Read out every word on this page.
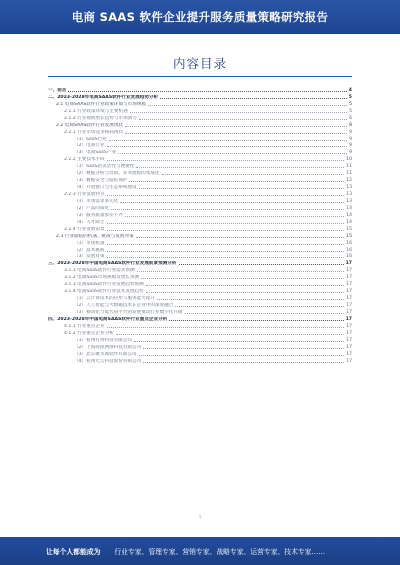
电商 SAAS 软件企业提升服务质量策略研究报告
内容目录
一、前言	4
二、2023-2028年电商SAAS软件行业发展趋势分析	5
2.1 电商SAAS软件行业政策环境与市场规模	5
2.1.1 行业政策环境与主要机遇	5
2.1.2 行业规模增长趋势与市场潜力	6
2.2 电商SAAS软件行业发展现状	8
2.2.1 行业市场竞争格局现状	9
（1）SaaS行业	9
（2）电商行业	9
（3）电商SaaS产业	9
2.2.2 主要技术手段	10
（1）SaaS的灵活性与便捷性	11
（2）数据分析与营销、业务流程的集成化	11
（3）数据安全与隐私保护	12
（4）开放接口与生态系统建设	13
2.2.3 行业发展特点	13
（1）市场需求多元化	13
（2）产品同质化	14
（3）服务质量参差不齐	14
（4）人才缺乏	14
2.2.4 行业发展前景	15
2.3 行业面临的机遇、挑战与发展对策	15
（1）市场机遇	16
（2）技术挑战	16
（3）发展对策	16
三、2023-2028年中国电商SAAS软件行业发展前景预测分析	17
3.1.1 电商SaaS软件行业需求预测	17
3.1.2 电商SaaS市场规模及增长预测	17
3.1.3 电商SaaS软件行业发展趋势预测	17
3.1.4 电商SaaS软件行业技术发展趋势	17
（1）云计算技术的应用与服务能力提升	17
（2）人工智能与大数据技术在企业中的深度融合	17
（3）移动化与低代码平台的发展推动行业数字化升级	17
四、2023-2028年中国电商SAAS软件行业重点企业分析	17
4.1.1 行业重点企业	17
4.1.2 行业重点企业分析	17
（1）杭州有赞科技有限公司	17
（2）上海商派网络科技有限公司	17
（3）北京聚水潭软件有限公司	17
（4）杭州光云科技股份有限公司	17
1
让每个人都能成为 行业专家、管理专家、营销专家、战略专家、运营专家、技术专家……
